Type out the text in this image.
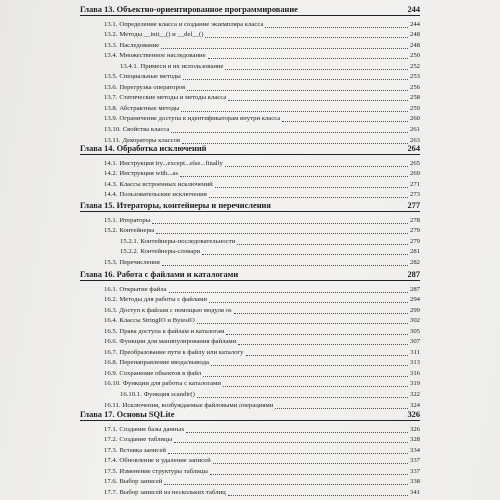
Глава 13. Объектно-ориентированное программирование	244
13.1. Определение класса и создание экземпляра класса	244
13.2. Методы __init__() и __del__()	248
13.3. Наследование	248
13.4. Множественное наследование	250
13.4.1. Примеси и их использование	252
13.5. Специальные методы	253
13.6. Перегрузка операторов	256
13.7. Статические методы и методы класса	258
13.8. Абстрактные методы	259
13.9. Ограничение доступа к идентификаторам внутри класса	260
13.10. Свойства класса	261
13.11. Декораторы классов	263
Глава 14. Обработка исключений	264
14.1. Инструкция try...except...else...finally	265
14.2. Инструкция with...as	269
14.3. Классы встроенных исключений	271
14.4. Пользовательские исключения	273
Глава 15. Итераторы, контейнеры и перечисления	277
15.1. Итераторы	278
15.2. Контейнеры	279
15.2.1. Контейнеры-последовательности	279
15.2.2. Контейнеры-словари	281
15.3. Перечисления	282
Глава 16. Работа с файлами и каталогами	287
16.1. Открытие файла	287
16.2. Методы для работы с файлами	294
16.3. Доступ к файлам с помощью модуля os	299
16.4. Классы StringIO и BytesIO	302
16.5. Права доступа к файлам и каталогам	305
16.6. Функции для манипулирования файлами	307
16.7. Преобразование пути к файлу или каталогу	311
16.8. Перенаправление ввода/вывода	313
16.9. Сохранение объектов в файл	316
16.10. Функции для работы с каталогами	319
16.10.1. Функция scandir()	322
16.11. Исключения, возбуждаемые файловыми операциями	324
Глава 17. Основы SQLite	326
17.1. Создание базы данных	326
17.2. Создание таблицы	328
17.3. Вставка записей	334
17.4. Обновление и удаление записей	337
17.5. Изменение структуры таблицы	337
17.6. Выбор записей	338
17.7. Выбор записей из нескольких таблиц	341
